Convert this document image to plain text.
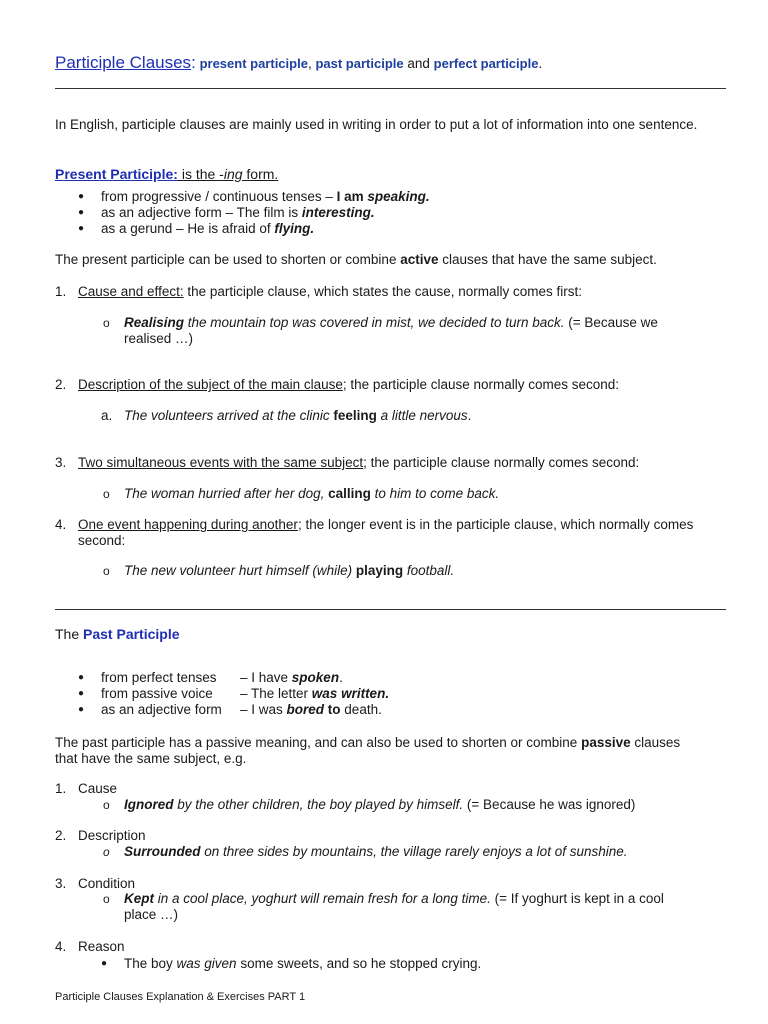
Participle Clauses: present participle, past participle and perfect participle.
In English, participle clauses are mainly used in writing in order to put a lot of information into one sentence.
Present Participle: is the -ing form.
● from progressive / continuous tenses – I am speaking.
● as an adjective form – The film is interesting.
● as a gerund – He is afraid of flying.
The present participle can be used to shorten or combine active clauses that have the same subject.
1. Cause and effect: the participle clause, which states the cause, normally comes first:
o Realising the mountain top was covered in mist, we decided to turn back. (= Because we
realised …)
2. Description of the subject of the main clause; the participle clause normally comes second:
a. The volunteers arrived at the clinic feeling a little nervous.
3. Two simultaneous events with the same subject; the participle clause normally comes second:
o The woman hurried after her dog, calling to him to come back.
4. One event happening during another; the longer event is in the participle clause, which normally comes
second:
o The new volunteer hurt himself (while) playing football.
The Past Participle
● from perfect tenses – I have spoken.
● from passive voice – The letter was written.
● as an adjective form – I was bored to death.
The past participle has a passive meaning, and can also be used to shorten or combine passive clauses
that have the same subject, e.g.
1. Cause
o Ignored by the other children, the boy played by himself. (= Because he was ignored)
2. Description
o Surrounded on three sides by mountains, the village rarely enjoys a lot of sunshine.
3. Condition
o Kept in a cool place, yoghurt will remain fresh for a long time. (= If yoghurt is kept in a cool
place …)
4. Reason
● The boy was given some sweets, and so he stopped crying.
Participle Clauses Explanation & Exercises PART 1
